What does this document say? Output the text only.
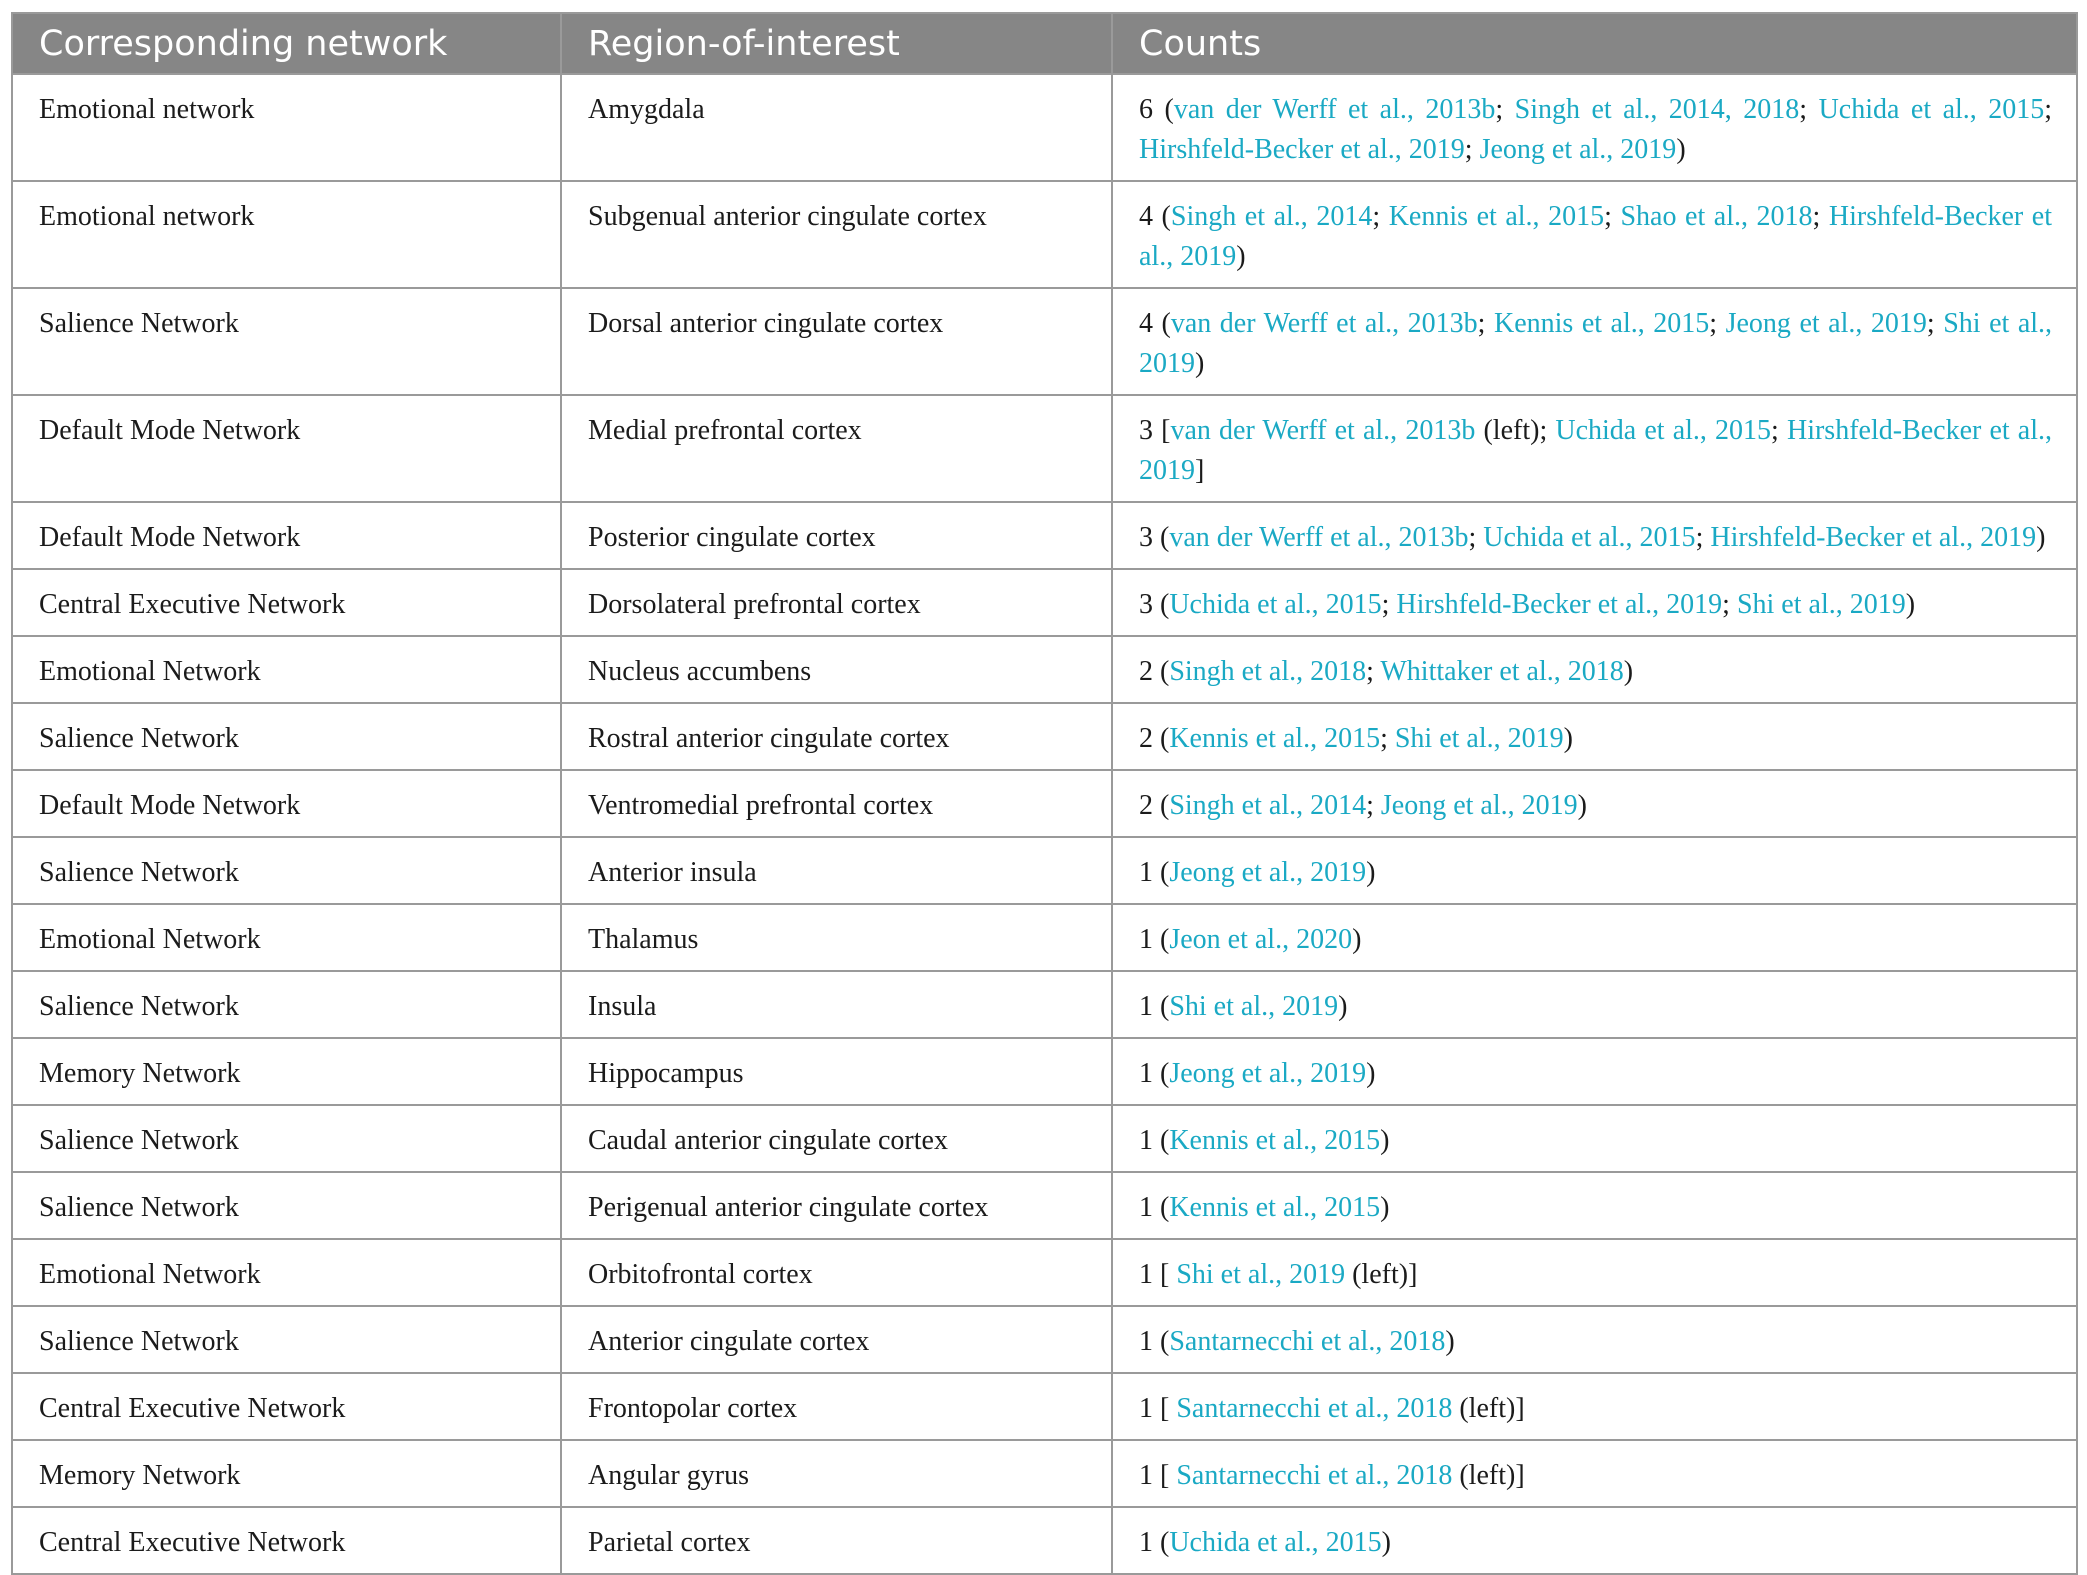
Corresponding network	Region-of-interest	Counts
Emotional network	Amygdala	6 (van der Werff et al., 2013b; Singh et al., 2014, 2018; Uchida et al., 2015; Hirshfeld-Becker et al., 2019; Jeong et al., 2019)
Emotional network	Subgenual anterior cingulate cortex	4 (Singh et al., 2014; Kennis et al., 2015; Shao et al., 2018; Hirshfeld-Becker et al., 2019)
Salience Network	Dorsal anterior cingulate cortex	4 (van der Werff et al., 2013b; Kennis et al., 2015; Jeong et al., 2019; Shi et al., 2019)
Default Mode Network	Medial prefrontal cortex	3 [van der Werff et al., 2013b (left); Uchida et al., 2015; Hirshfeld-Becker et al., 2019]
Default Mode Network	Posterior cingulate cortex	3 (van der Werff et al., 2013b; Uchida et al., 2015; Hirshfeld-Becker et al., 2019)
Central Executive Network	Dorsolateral prefrontal cortex	3 (Uchida et al., 2015; Hirshfeld-Becker et al., 2019; Shi et al., 2019)
Emotional Network	Nucleus accumbens	2 (Singh et al., 2018; Whittaker et al., 2018)
Salience Network	Rostral anterior cingulate cortex	2 (Kennis et al., 2015; Shi et al., 2019)
Default Mode Network	Ventromedial prefrontal cortex	2 (Singh et al., 2014; Jeong et al., 2019)
Salience Network	Anterior insula	1 (Jeong et al., 2019)
Emotional Network	Thalamus	1 (Jeon et al., 2020)
Salience Network	Insula	1 (Shi et al., 2019)
Memory Network	Hippocampus	1 (Jeong et al., 2019)
Salience Network	Caudal anterior cingulate cortex	1 (Kennis et al., 2015)
Salience Network	Perigenual anterior cingulate cortex	1 (Kennis et al., 2015)
Emotional Network	Orbitofrontal cortex	1 [ Shi et al., 2019 (left)]
Salience Network	Anterior cingulate cortex	1 (Santarnecchi et al., 2018)
Central Executive Network	Frontopolar cortex	1 [ Santarnecchi et al., 2018 (left)]
Memory Network	Angular gyrus	1 [ Santarnecchi et al., 2018 (left)]
Central Executive Network	Parietal cortex	1 (Uchida et al., 2015)
